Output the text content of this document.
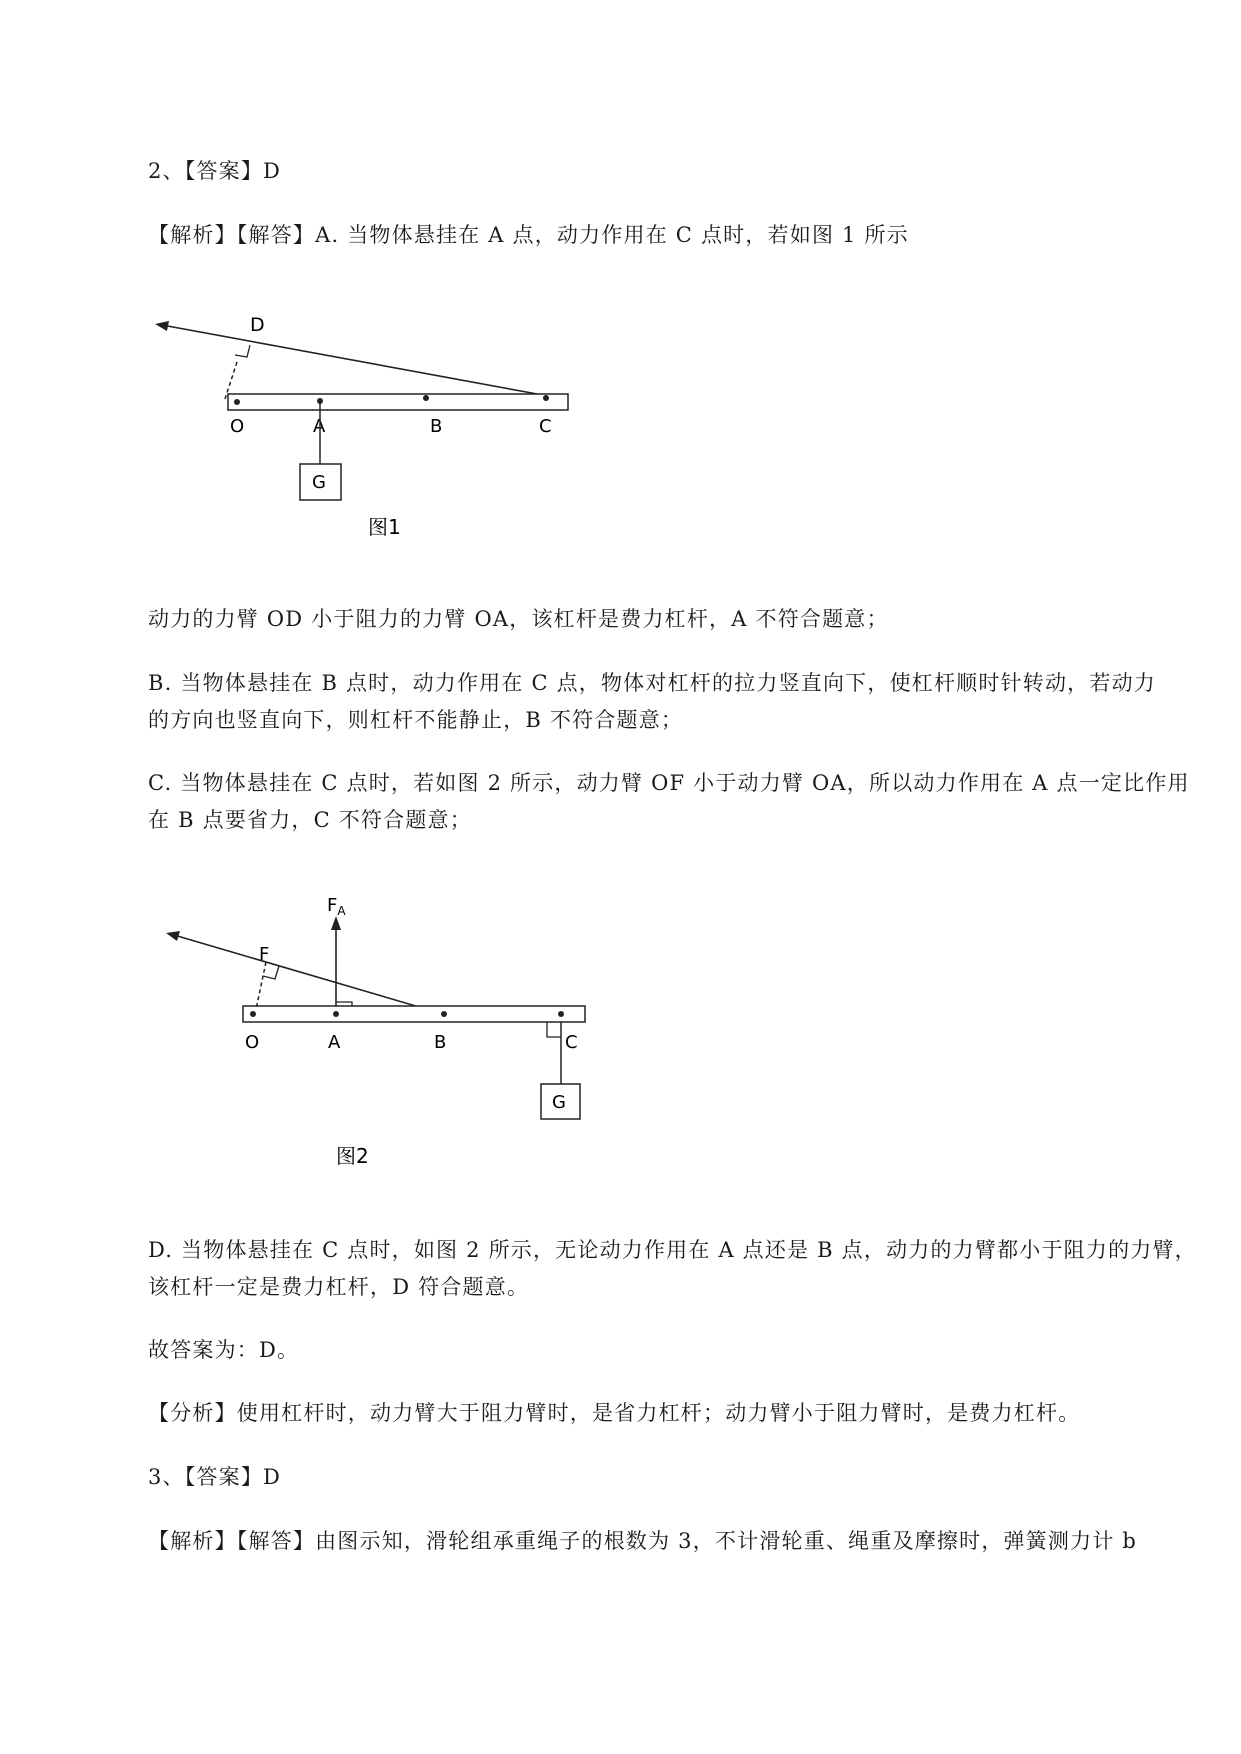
2、【答案】D
【解析】【解答】A. 当物体悬挂在 A 点，动力作用在 C 点时，若如图 1 所示
D
O	A	B	C
G
图1
动力的力臂 OD 小于阻力的力臂 OA，该杠杆是费力杠杆，A 不符合题意；
B. 当物体悬挂在 B 点时，动力作用在 C 点，物体对杠杆的拉力竖直向下，使杠杆顺时针转动，若动力
的方向也竖直向下，则杠杆不能静止，B 不符合题意；
C. 当物体悬挂在 C 点时，若如图 2 所示，动力臂 OF 小于动力臂 OA，所以动力作用在 A 点一定比作用
在 B 点要省力，C 不符合题意；
$F_A$
F
O	A	B	C
G
图2
D. 当物体悬挂在 C 点时，如图 2 所示，无论动力作用在 A 点还是 B 点，动力的力臂都小于阻力的力臂，
该杠杆一定是费力杠杆，D 符合题意。
故答案为：D。
【分析】使用杠杆时，动力臂大于阻力臂时，是省力杠杆；动力臂小于阻力臂时，是费力杠杆。
3、【答案】D
【解析】【解答】由图示知，滑轮组承重绳子的根数为 3，不计滑轮重、绳重及摩擦时，弹簧测力计 b
